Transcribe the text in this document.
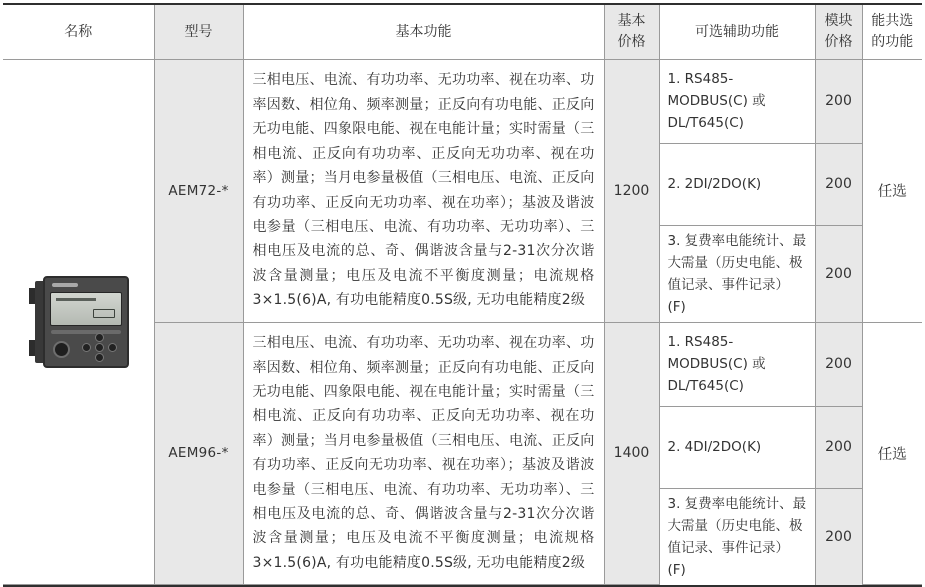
名称	型号	基本功能	基本价格	可选辅助功能	模块价格	能共选的功能

	AEM72-*	三相电压、电流、有功功率、无功功率、视在功率、功率因数、相位角、频率测量；正反向有功电能、正反向无功电能、四象限电能、视在电能计量；实时需量（三相电流、正反向有功功率、正反向无功功率、视在功率）测量；当月电参量极值（三相电压、电流、正反向有功功率、正反向无功功率、视在功率）；基波及谐波电参量（三相电压、电流、有功功率、无功功率）、三相电压及电流的总、奇、偶谐波含量与2-31次分次谐波含量测量；电压及电流不平衡度测量；电流规格3×1.5(6)A, 有功电能精度0.5S级, 无功电能精度2级	1200	1. RS485-MODBUS(C) 或DL/T645(C)	200	任选
				2. 2DI/2DO(K)	200	
				3. 复费率电能统计、最大需量（历史电能、极值记录、事件记录）(F)	200	
	AEM96-*	三相电压、电流、有功功率、无功功率、视在功率、功率因数、相位角、频率测量；正反向有功电能、正反向无功电能、四象限电能、视在电能计量；实时需量（三相电流、正反向有功功率、正反向无功功率、视在功率）测量；当月电参量极值（三相电压、电流、正反向有功功率、正反向无功功率、视在功率）；基波及谐波电参量（三相电压、电流、有功功率、无功功率）、三相电压及电流的总、奇、偶谐波含量与2-31次分次谐波含量测量；电压及电流不平衡度测量；电流规格3×1.5(6)A, 有功电能精度0.5S级, 无功电能精度2级	1400	1. RS485-MODBUS(C) 或DL/T645(C)	200	任选
				2. 4DI/2DO(K)	200	
				3. 复费率电能统计、最大需量（历史电能、极值记录、事件记录）(F)	200	
